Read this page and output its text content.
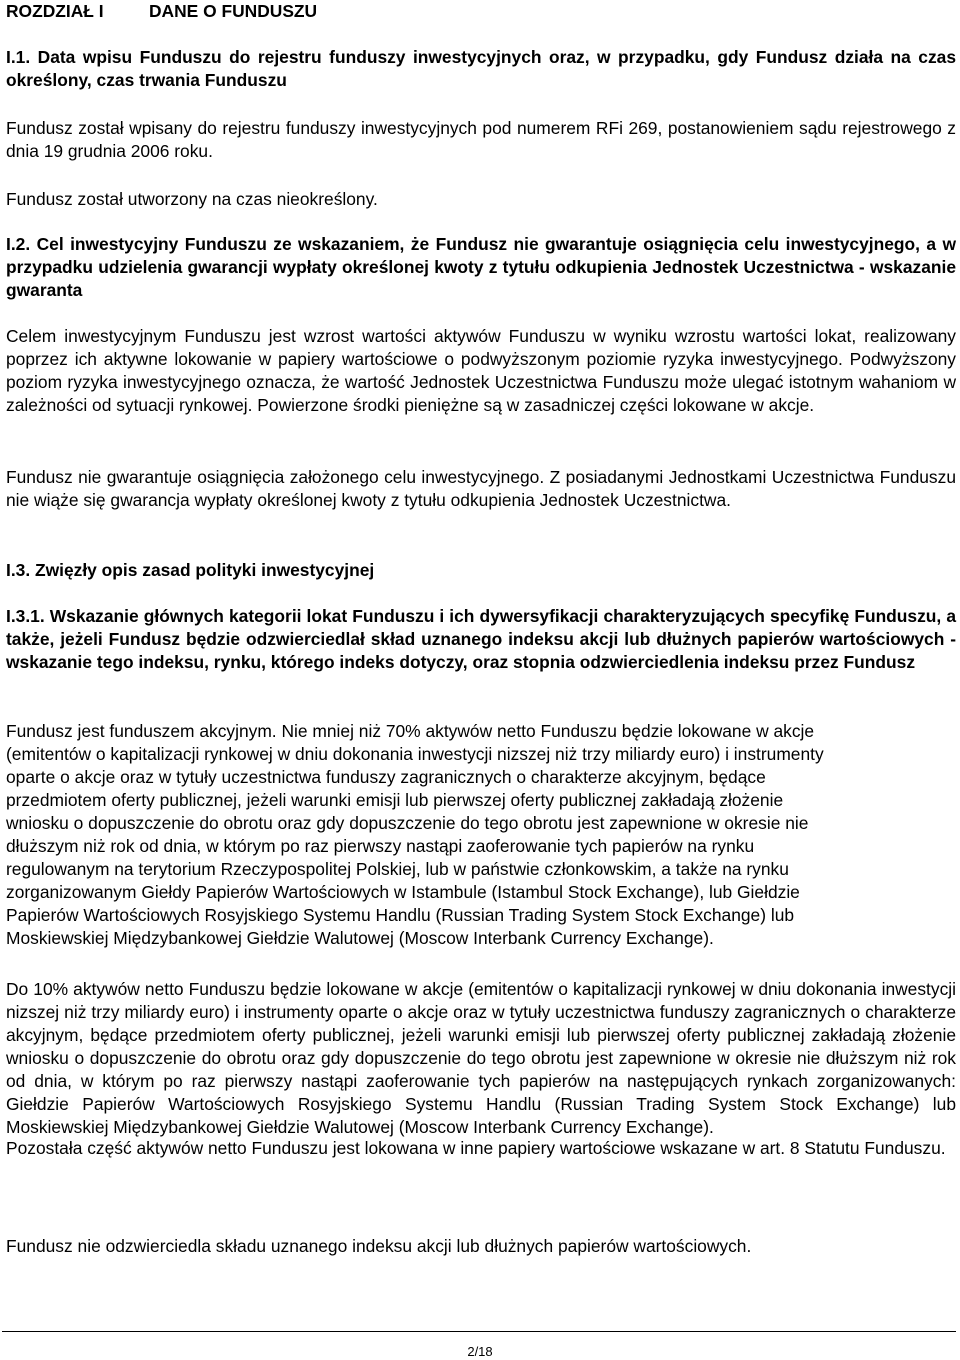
ROZDZIAŁ I	DANE O FUNDUSZU

I.1. Data wpisu Funduszu do rejestru funduszy inwestycyjnych oraz, w przypadku, gdy Fundusz działa na czas określony, czas trwania Funduszu

Fundusz został wpisany do rejestru funduszy inwestycyjnych pod numerem RFi 269, postanowieniem sądu rejestrowego z dnia 19 grudnia 2006 roku.

Fundusz został utworzony na czas nieokreślony.

I.2. Cel inwestycyjny Funduszu ze wskazaniem, że Fundusz nie gwarantuje osiągnięcia celu inwestycyjnego, a w przypadku udzielenia gwarancji wypłaty określonej kwoty z tytułu odkupienia Jednostek Uczestnictwa - wskazanie gwaranta

Celem inwestycyjnym Funduszu jest wzrost wartości aktywów Funduszu w wyniku wzrostu wartości lokat, realizowany poprzez ich aktywne lokowanie w papiery wartościowe o podwyższonym poziomie ryzyka inwestycyjnego. Podwyższony poziom ryzyka inwestycyjnego oznacza, że wartość Jednostek Uczestnictwa Funduszu może ulegać istotnym wahaniom w zależności od sytuacji rynkowej. Powierzone środki pieniężne są w zasadniczej części lokowane w akcje.

Fundusz nie gwarantuje osiągnięcia założonego celu inwestycyjnego. Z posiadanymi Jednostkami Uczestnictwa Funduszu nie wiąże się gwarancja wypłaty określonej kwoty z tytułu odkupienia Jednostek Uczestnictwa.

I.3. Zwięzły opis zasad polityki inwestycyjnej

I.3.1. Wskazanie głównych kategorii lokat Funduszu i ich dywersyfikacji charakteryzujących specyfikę Funduszu, a także, jeżeli Fundusz będzie odzwierciedlał skład uznanego indeksu akcji lub dłużnych papierów wartościowych - wskazanie tego indeksu, rynku, którego indeks dotyczy, oraz stopnia odzwierciedlenia indeksu przez Fundusz

Fundusz jest funduszem akcyjnym. Nie mniej niż 70% aktywów netto Funduszu będzie lokowane w akcje
(emitentów o kapitalizacji rynkowej w dniu dokonania inwestycji nizszej niż trzy miliardy euro) i instrumenty
oparte o akcje oraz w tytuły uczestnictwa funduszy zagranicznych o charakterze akcyjnym, będące
przedmiotem oferty publicznej, jeżeli warunki emisji lub pierwszej oferty publicznej zakładają złożenie
wniosku o dopuszczenie do obrotu oraz gdy dopuszczenie do tego obrotu jest zapewnione w okresie nie
dłuższym niż rok od dnia, w którym po raz pierwszy nastąpi zaoferowanie tych papierów na rynku
regulowanym na terytorium Rzeczypospolitej Polskiej, lub w państwie członkowskim, a także na rynku
zorganizowanym Giełdy Papierów Wartościowych w Istambule (Istambul Stock Exchange), lub Giełdzie
Papierów Wartościowych Rosyjskiego Systemu Handlu (Russian Trading System Stock Exchange) lub
Moskiewskiej Międzybankowej Giełdzie Walutowej (Moscow Interbank Currency Exchange).

Do 10% aktywów netto Funduszu będzie lokowane w akcje (emitentów o kapitalizacji rynkowej w dniu dokonania inwestycji nizszej niż trzy miliardy euro) i instrumenty oparte o akcje oraz w tytuły uczestnictwa funduszy zagranicznych o charakterze akcyjnym, będące przedmiotem oferty publicznej, jeżeli warunki emisji lub pierwszej oferty publicznej zakładają złożenie wniosku o dopuszczenie do obrotu oraz gdy dopuszczenie do tego obrotu jest zapewnione w okresie nie dłuższym niż rok od dnia, w którym po raz pierwszy nastąpi zaoferowanie tych papierów na następujących rynkach zorganizowanych: Giełdzie Papierów Wartościowych Rosyjskiego Systemu Handlu (Russian Trading System Stock Exchange) lub Moskiewskiej Międzybankowej Giełdzie Walutowej (Moscow Interbank Currency Exchange).

Pozostała część aktywów netto Funduszu jest lokowana w inne papiery wartościowe wskazane w art. 8 Statutu Funduszu.

Fundusz nie odzwierciedla składu uznanego indeksu akcji lub dłużnych papierów wartościowych.

2/18
